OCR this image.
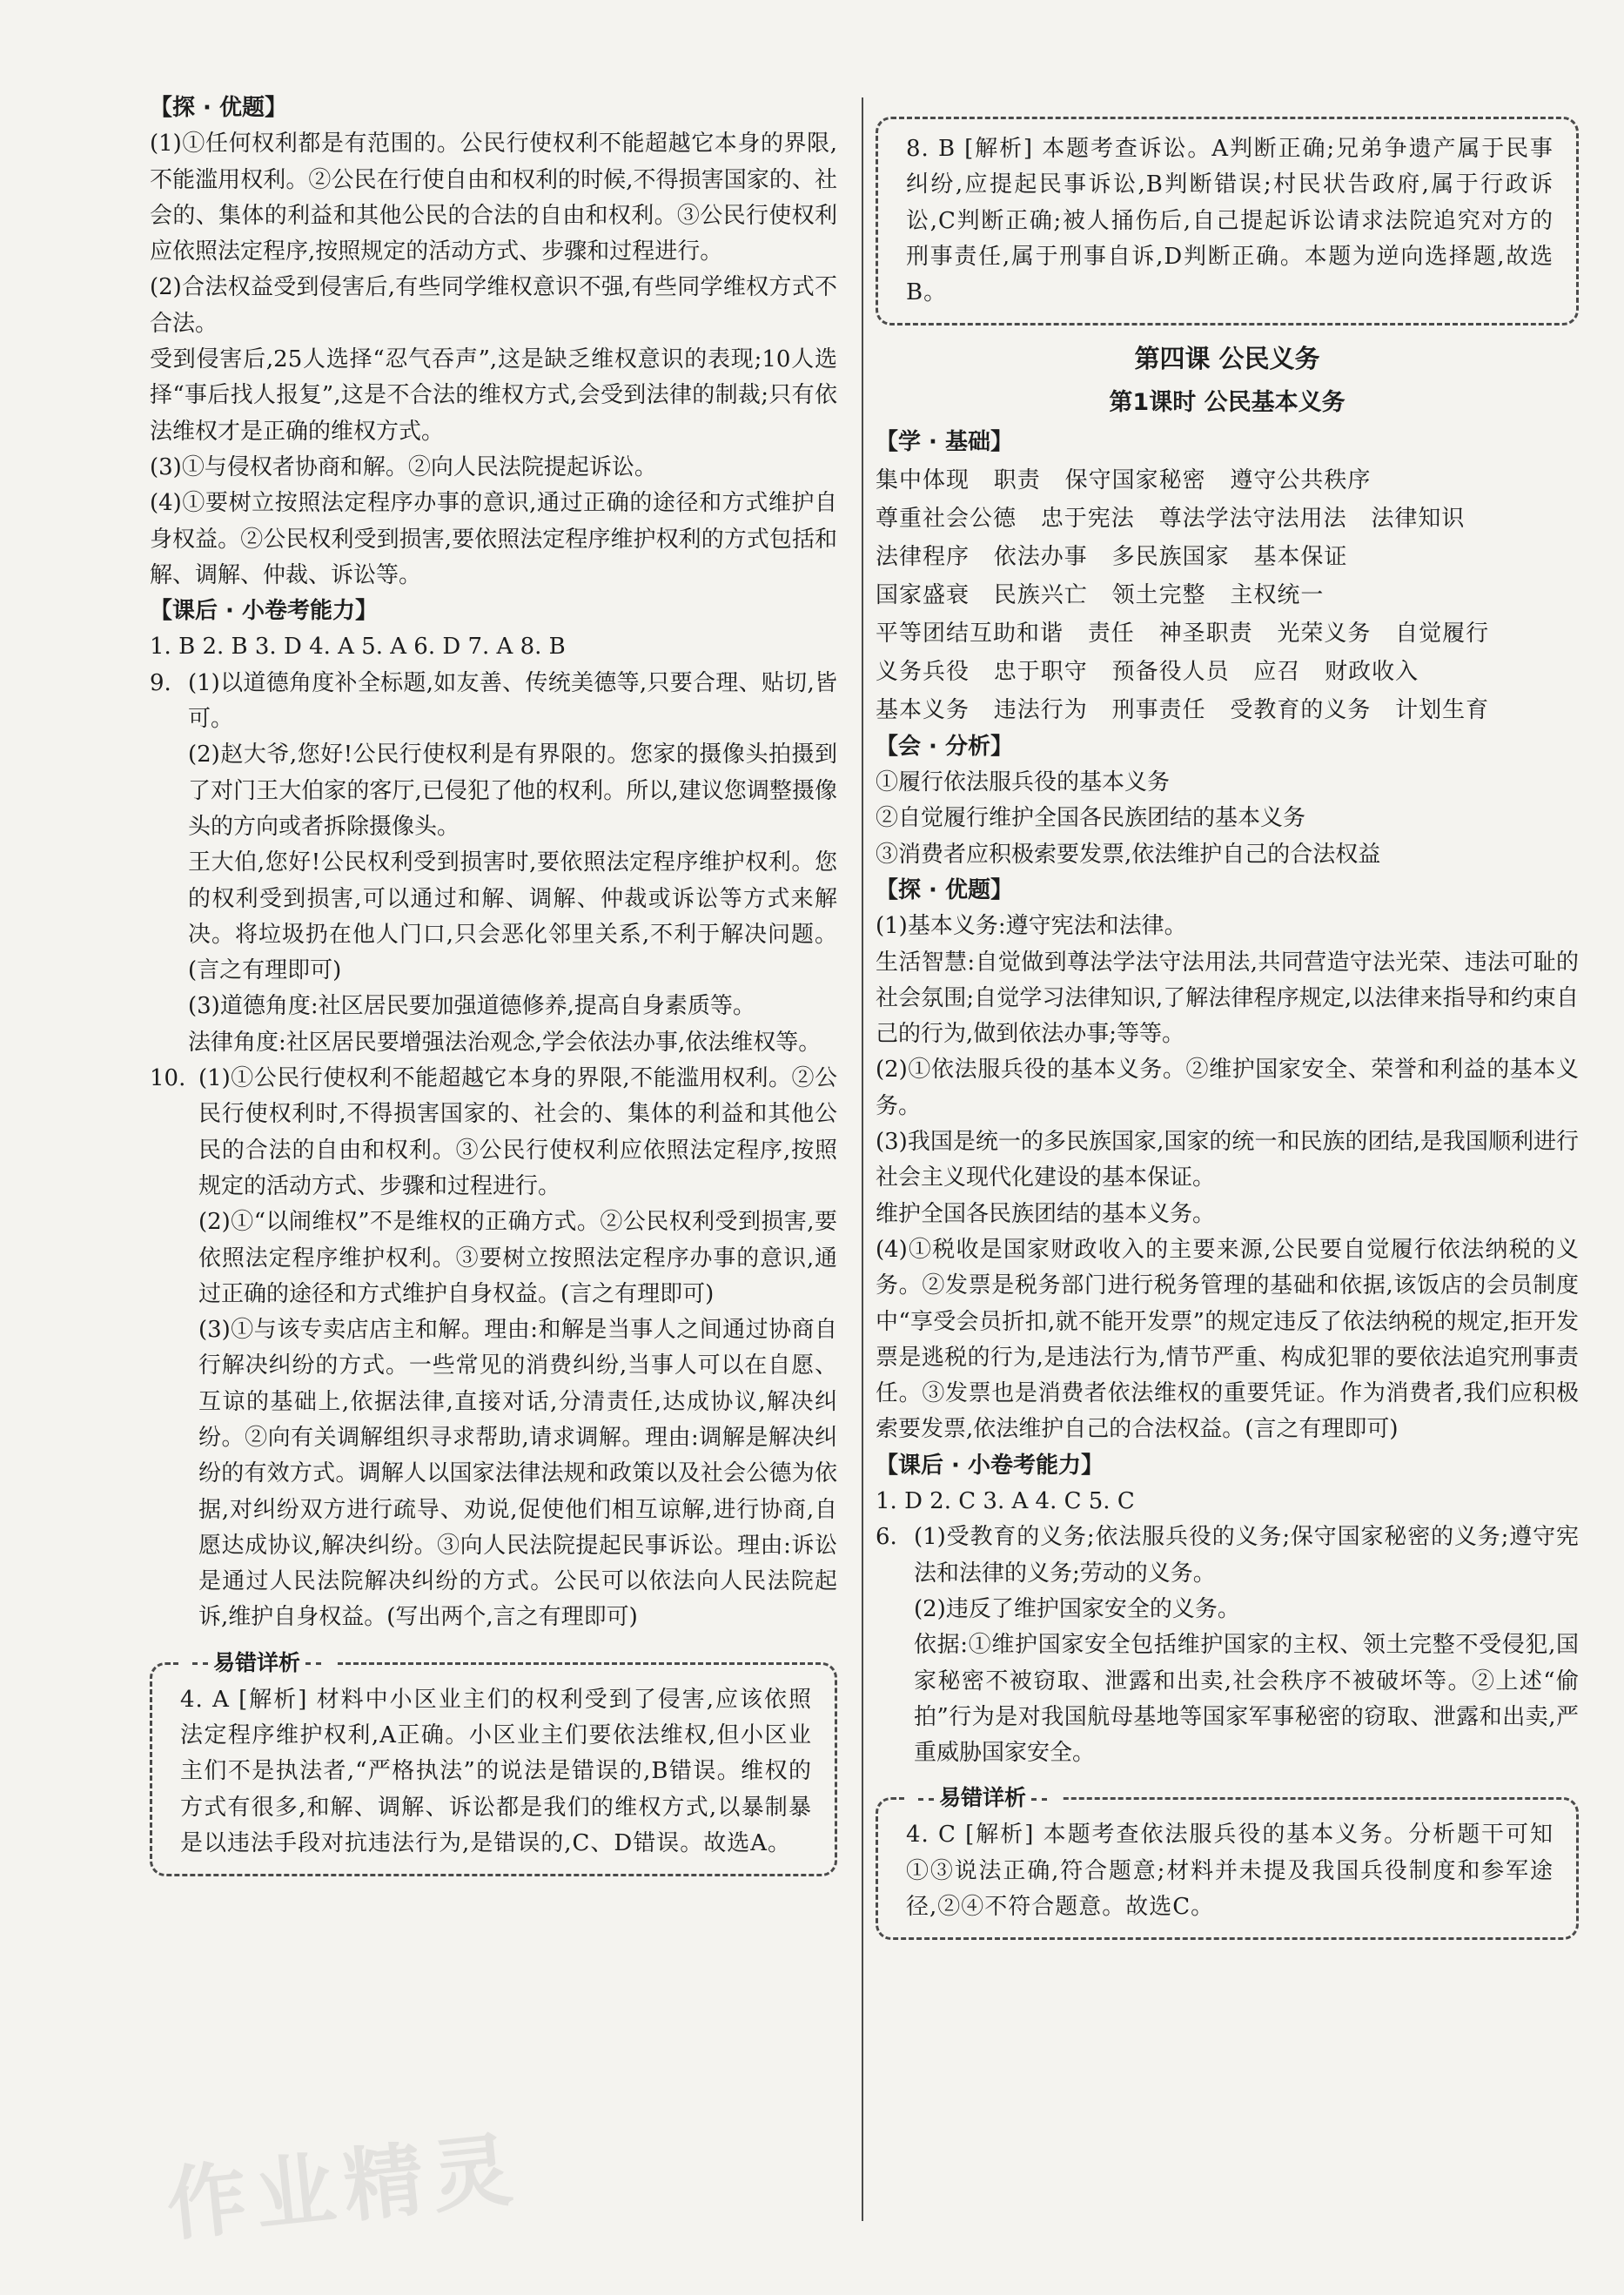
【探 · 优题】

(1)①任何权利都是有范围的。公民行使权利不能超越它本身的界限,不能滥用权利。②公民在行使自由和权利的时候,不得损害国家的、社会的、集体的利益和其他公民的合法的自由和权利。③公民行使权利应依照法定程序,按照规定的活动方式、步骤和过程进行。

(2)合法权益受到侵害后,有些同学维权意识不强,有些同学维权方式不合法。

受到侵害后,25人选择“忍气吞声”,这是缺乏维权意识的表现;10人选择“事后找人报复”,这是不合法的维权方式,会受到法律的制裁;只有依法维权才是正确的维权方式。

(3)①与侵权者协商和解。②向人民法院提起诉讼。

(4)①要树立按照法定程序办事的意识,通过正确的途径和方式维护自身权益。②公民权利受到损害,要依照法定程序维护权利的方式包括和解、调解、仲裁、诉讼等。

【课后 · 小卷考能力】

1. B 2. B 3. D 4. A 5. A 6. D 7. A 8. B

9. (1)以道德角度补全标题,如友善、传统美德等,只要合理、贴切,皆可。

(2)赵大爷,您好!公民行使权利是有界限的。您家的摄像头拍摄到了对门王大伯家的客厅,已侵犯了他的权利。所以,建议您调整摄像头的方向或者拆除摄像头。

王大伯,您好!公民权利受到损害时,要依照法定程序维护权利。您的权利受到损害,可以通过和解、调解、仲裁或诉讼等方式来解决。将垃圾扔在他人门口,只会恶化邻里关系,不利于解决问题。(言之有理即可)

(3)道德角度:社区居民要加强道德修养,提高自身素质等。

法律角度:社区居民要增强法治观念,学会依法办事,依法维权等。

10. (1)①公民行使权利不能超越它本身的界限,不能滥用权利。②公民行使权利时,不得损害国家的、社会的、集体的利益和其他公民的合法的自由和权利。③公民行使权利应依照法定程序,按照规定的活动方式、步骤和过程进行。

(2)①“以闹维权”不是维权的正确方式。②公民权利受到损害,要依照法定程序维护权利。③要树立按照法定程序办事的意识,通过正确的途径和方式维护自身权益。(言之有理即可)

(3)①与该专卖店店主和解。理由:和解是当事人之间通过协商自行解决纠纷的方式。一些常见的消费纠纷,当事人可以在自愿、互谅的基础上,依据法律,直接对话,分清责任,达成协议,解决纠纷。②向有关调解组织寻求帮助,请求调解。理由:调解是解决纠纷的有效方式。调解人以国家法律法规和政策以及社会公德为依据,对纠纷双方进行疏导、劝说,促使他们相互谅解,进行协商,自愿达成协议,解决纠纷。③向人民法院提起民事诉讼。理由:诉讼是通过人民法院解决纠纷的方式。公民可以依法向人民法院起诉,维护自身权益。(写出两个,言之有理即可)

易错详析

4. A [解析] 材料中小区业主们的权利受到了侵害,应该依照法定程序维护权利,A正确。小区业主们要依法维权,但小区业主们不是执法者,“严格执法”的说法是错误的,B错误。维权的方式有很多,和解、调解、诉讼都是我们的维权方式,以暴制暴是以违法手段对抗违法行为,是错误的,C、D错误。故选A。

8. B [解析] 本题考查诉讼。A判断正确;兄弟争遗产属于民事纠纷,应提起民事诉讼,B判断错误;村民状告政府,属于行政诉讼,C判断正确;被人捅伤后,自己提起诉讼请求法院追究对方的刑事责任,属于刑事自诉,D判断正确。本题为逆向选择题,故选B。

第四课 公民义务
第1课时 公民基本义务
【学 · 基础】
集中体现   职责   保守国家秘密   遵守公共秩序
尊重社会公德   忠于宪法   尊法学法守法用法   法律知识
法律程序   依法办事   多民族国家   基本保证
国家盛衰   民族兴亡   领土完整   主权统一
平等团结互助和谐   责任   神圣职责   光荣义务   自觉履行
义务兵役   忠于职守   预备役人员   应召   财政收入
基本义务   违法行为   刑事责任   受教育的义务   计划生育
【会 · 分析】

①履行依法服兵役的基本义务

②自觉履行维护全国各民族团结的基本义务

③消费者应积极索要发票,依法维护自己的合法权益

【探 · 优题】

(1)基本义务:遵守宪法和法律。

生活智慧:自觉做到尊法学法守法用法,共同营造守法光荣、违法可耻的社会氛围;自觉学习法律知识,了解法律程序规定,以法律来指导和约束自己的行为,做到依法办事;等等。

(2)①依法服兵役的基本义务。②维护国家安全、荣誉和利益的基本义务。

(3)我国是统一的多民族国家,国家的统一和民族的团结,是我国顺利进行社会主义现代化建设的基本保证。

维护全国各民族团结的基本义务。

(4)①税收是国家财政收入的主要来源,公民要自觉履行依法纳税的义务。②发票是税务部门进行税务管理的基础和依据,该饭店的会员制度中“享受会员折扣,就不能开发票”的规定违反了依法纳税的规定,拒开发票是逃税的行为,是违法行为,情节严重、构成犯罪的要依法追究刑事责任。③发票也是消费者依法维权的重要凭证。作为消费者,我们应积极索要发票,依法维护自己的合法权益。(言之有理即可)

【课后 · 小卷考能力】

1. D 2. C 3. A 4. C 5. C

6. (1)受教育的义务;依法服兵役的义务;保守国家秘密的义务;遵守宪法和法律的义务;劳动的义务。

(2)违反了维护国家安全的义务。

依据:①维护国家安全包括维护国家的主权、领土完整不受侵犯,国家秘密不被窃取、泄露和出卖,社会秩序不被破坏等。②上述“偷拍”行为是对我国航母基地等国家军事秘密的窃取、泄露和出卖,严重威胁国家安全。

易错详析

4. C [解析] 本题考查依法服兵役的基本义务。分析题干可知①③说法正确,符合题意;材料并未提及我国兵役制度和参军途径,②④不符合题意。故选C。

作业精灵
